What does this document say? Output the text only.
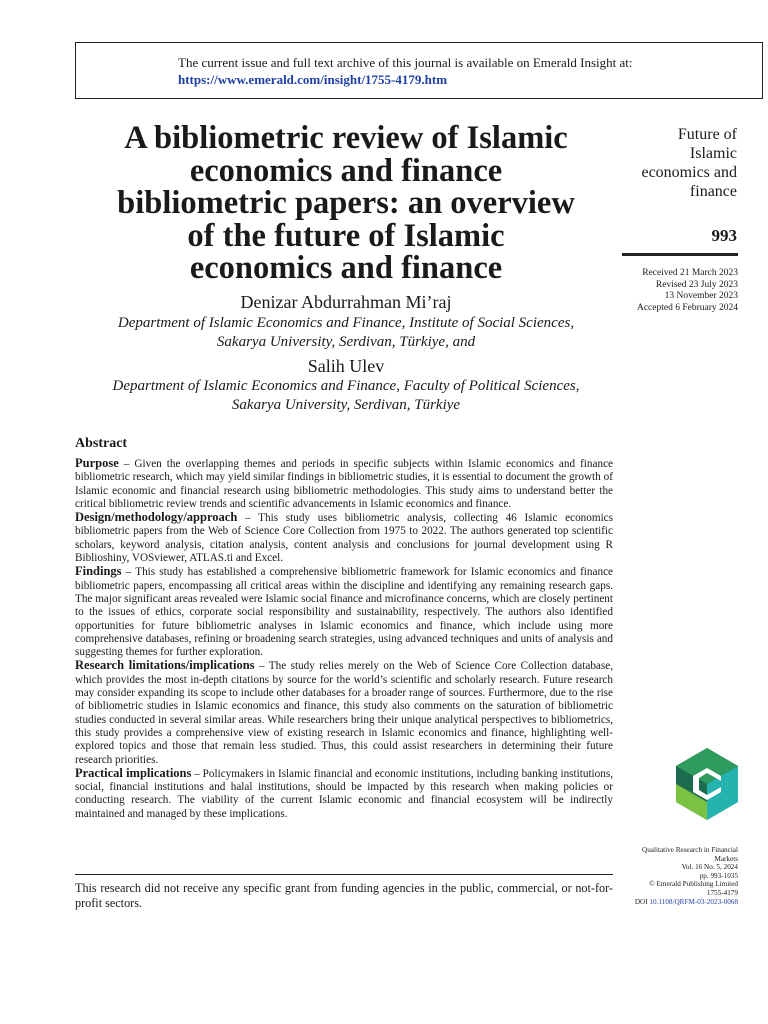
The current issue and full text archive of this journal is available on Emerald Insight at:
https://www.emerald.com/insight/1755-4179.htm
A bibliometric review of Islamic
economics and finance
bibliometric papers: an overview
of the future of Islamic
economics and finance
Denizar Abdurrahman Mi’raj
Department of Islamic Economics and Finance, Institute of Social Sciences,
Sakarya University, Serdivan, Türkiye, and
Salih Ulev
Department of Islamic Economics and Finance, Faculty of Political Sciences,
Sakarya University, Serdivan, Türkiye
Future of
Islamic
economics and
finance
993
Received 21 March 2023
Revised 23 July 2023
13 November 2023
Accepted 6 February 2024
Abstract

Purpose – Given the overlapping themes and periods in specific subjects within Islamic economics and finance bibliometric research, which may yield similar findings in bibliometric studies, it is essential to document the growth of Islamic economic and financial research using bibliometric methodologies. This study aims to understand better the critical bibliometric review trends and scientific advancements in Islamic economics and finance.

Design/methodology/approach – This study uses bibliometric analysis, collecting 46 Islamic economics bibliometric papers from the Web of Science Core Collection from 1975 to 2022. The authors generated top scientific scholars, keyword analysis, citation analysis, content analysis and conclusions for journal development using R Biblioshiny, VOSviewer, ATLAS.ti and Excel.

Findings – This study has established a comprehensive bibliometric framework for Islamic economics and finance bibliometric papers, encompassing all critical areas within the discipline and identifying any remaining research gaps. The major significant areas revealed were Islamic social finance and microfinance concerns, which are closely pertinent to the issues of ethics, corporate social responsibility and sustainability, respectively. The authors also identified opportunities for future bibliometric analyses in Islamic economics and finance, which include using more comprehensive databases, refining or broadening search strategies, using advanced techniques and units of analysis and suggesting themes for further exploration.

Research limitations/implications – The study relies merely on the Web of Science Core Collection database, which provides the most in-depth citations by source for the world’s scientific and scholarly research. Future research may consider expanding its scope to include other databases for a broader range of sources. Furthermore, due to the rise of bibliometric studies in Islamic economics and finance, this study also comments on the saturation of bibliometric studies conducted in several similar areas. While researchers bring their unique analytical perspectives to bibliometrics, this study provides a comprehensive view of existing research in Islamic economics and finance, highlighting well-explored topics and those that remain less studied. Thus, this could assist researchers in determining their future research priorities.

Practical implications – Policymakers in Islamic financial and economic institutions, including banking institutions, social, financial institutions and halal institutions, should be impacted by this research when making policies or conducting research. The viability of the current Islamic economic and financial ecosystem will be indirectly maintained and managed by these implications.

This research did not receive any specific grant from funding agencies in the public, commercial, or not-for-profit sectors.
Qualitative Research in Financial
Markets
Vol. 16 No. 5, 2024
pp. 993-1035
© Emerald Publishing Limited
1755-4179
DOI 10.1108/QRFM-03-2023-0068
